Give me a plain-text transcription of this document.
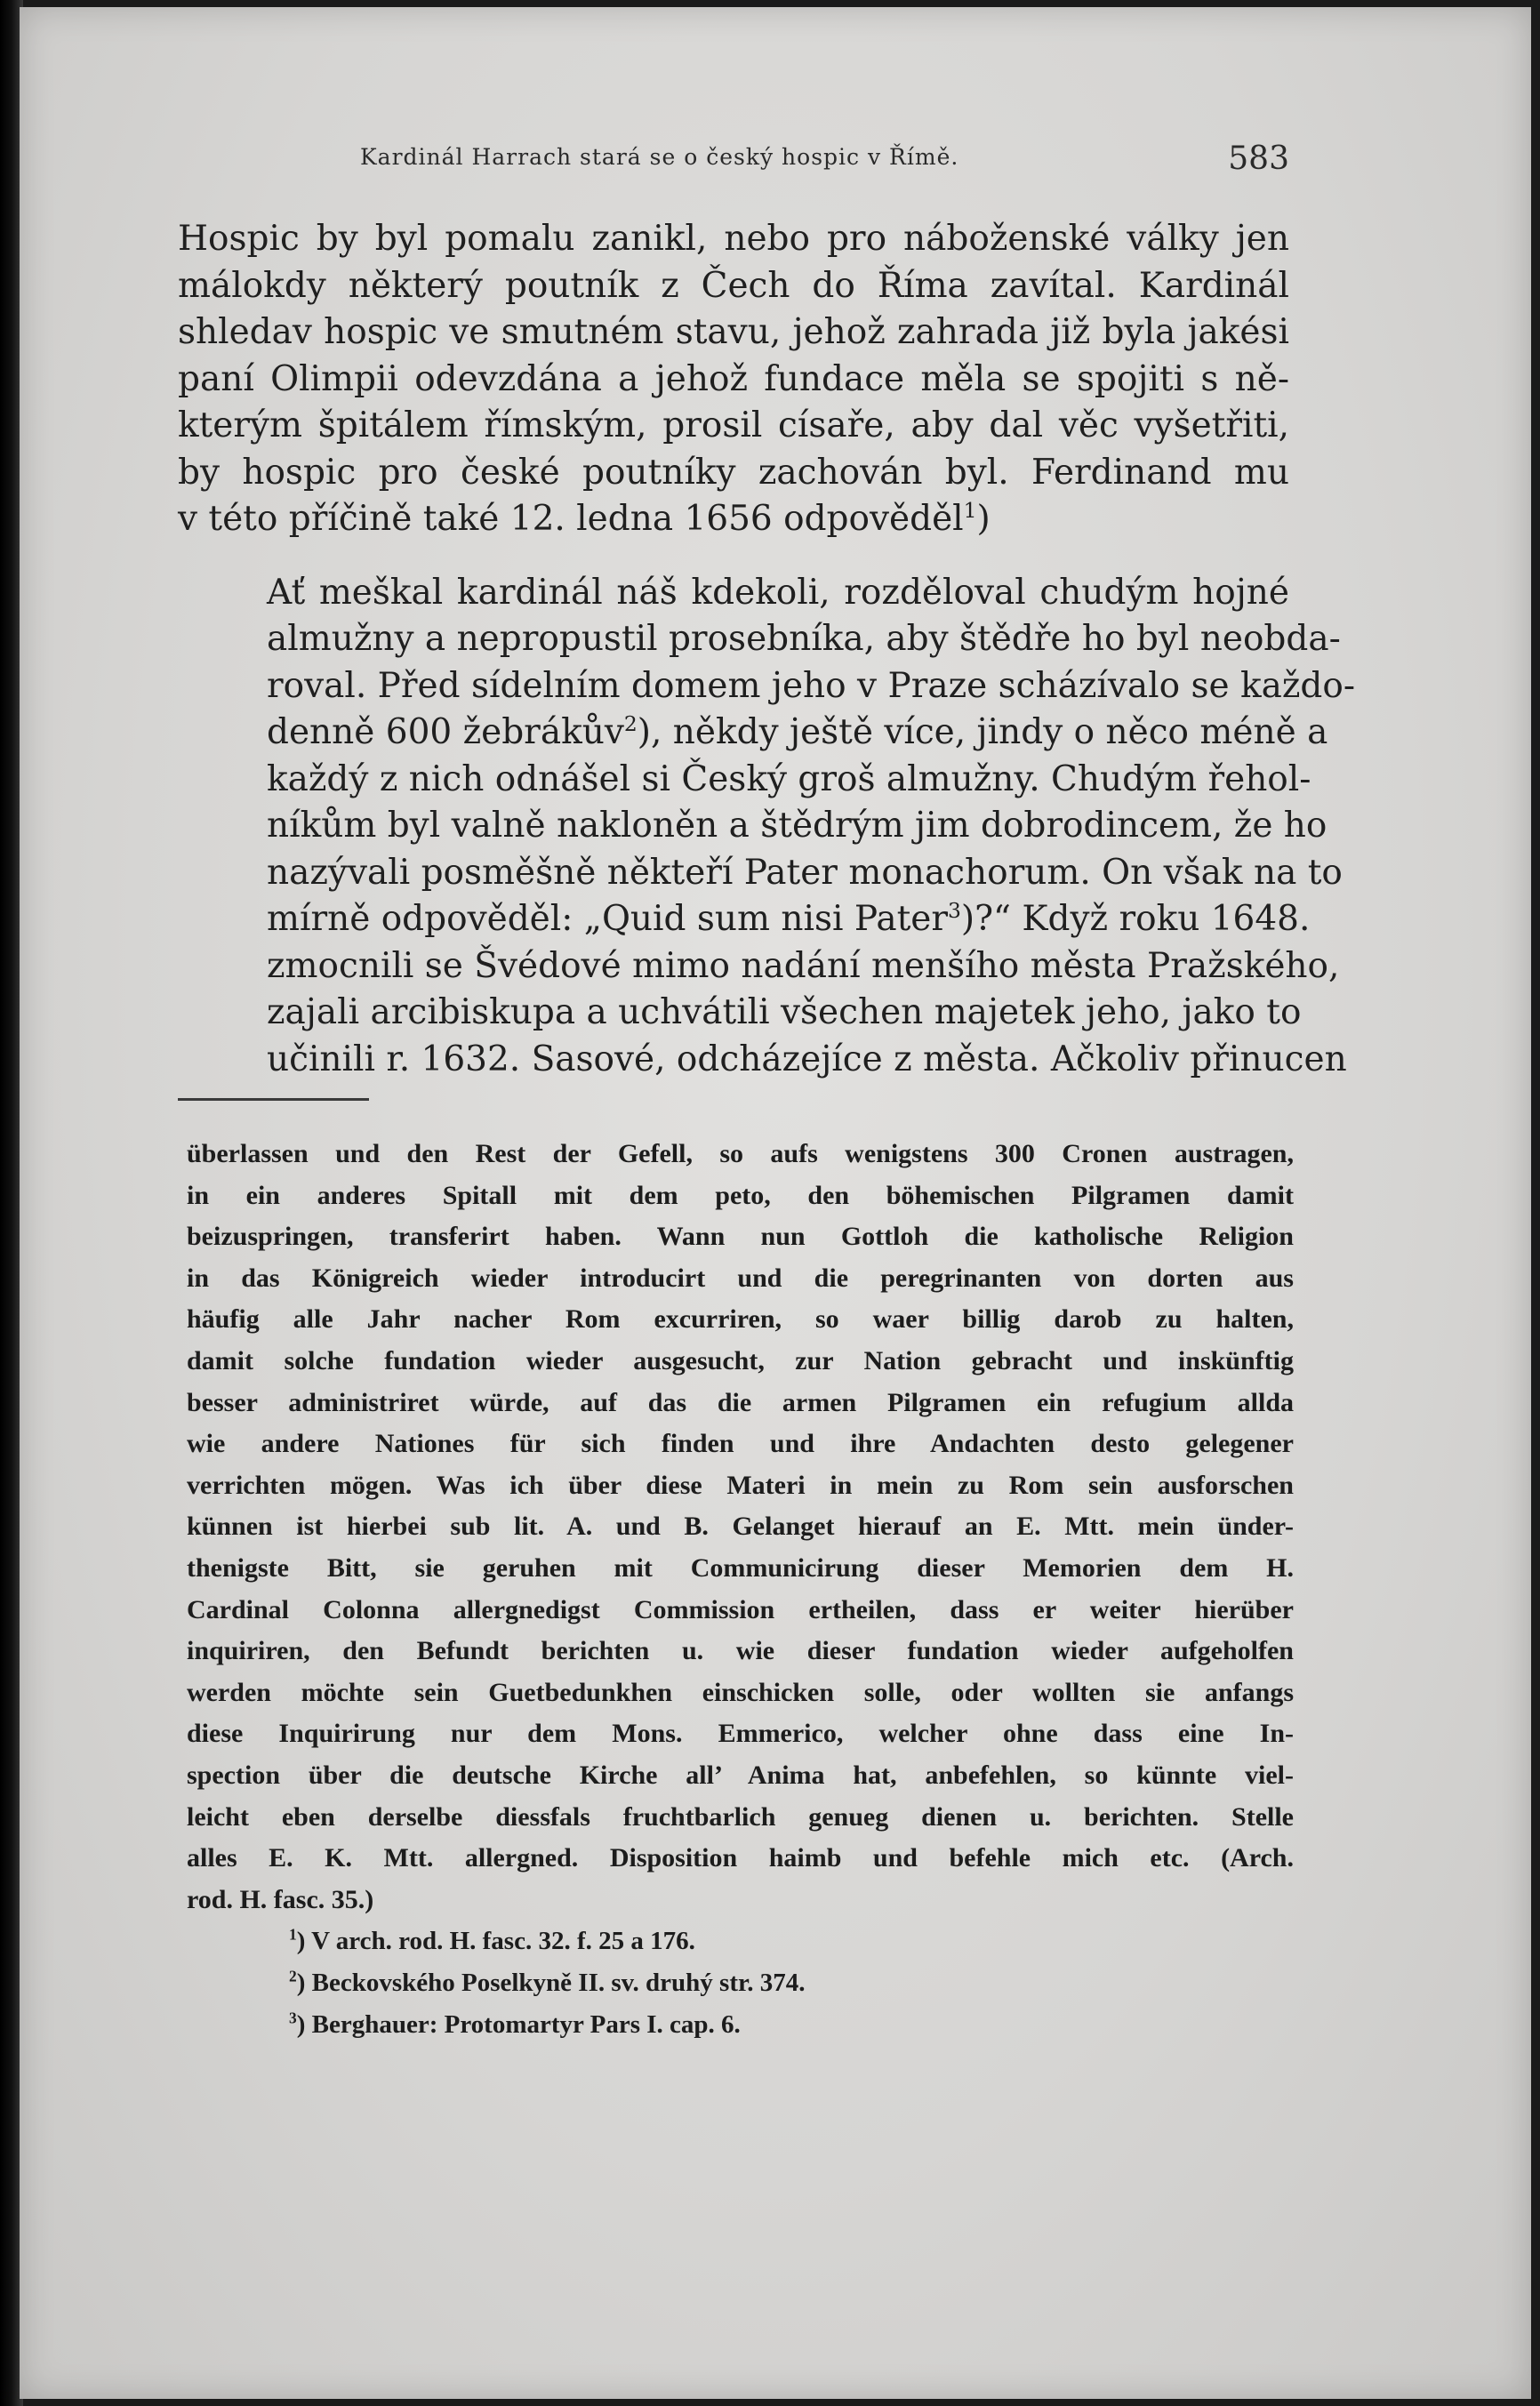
Kardinál Harrach stará se o český hospic v Římě.	583

Hospic by byl pomalu zanikl, nebo pro náboženské války jen
málokdy některý poutník z Čech do Říma zavítal. Kardinál
shledav hospic ve smutném stavu, jehož zahrada již byla jakési
paní Olimpii odevzdána a jehož fundace měla se spojiti s ně-
kterým špitálem římským, prosil císaře, aby dal věc vyšetřiti,
by hospic pro české poutníky zachován byl. Ferdinand mu
v této příčině také 12. ledna 1656 odpověděl$^1$)

Ať meškal kardinál náš kdekoli, rozděloval chudým hojné
almužny a nepropustil prosebníka, aby štědře ho byl neobda-
roval. Před sídelním domem jeho v Praze scházívalo se každo-
denně 600 žebrákův$^2$), někdy ještě více, jindy o něco méně a
každý z nich odnášel si Český groš almužny. Chudým řehol-
níkům byl valně nakloněn a štědrým jim dobrodincem, že ho
nazývali posměšně někteří Pater monachorum. On však na to
mírně odpověděl: „Quid sum nisi Pater$^3$)?“ Když roku 1648.
zmocnili se Švédové mimo nadání menšího města Pražského,
zajali arcibiskupa a uchvátili všechen majetek jeho, jako to
učinili r. 1632. Sasové, odcházejíce z města. Ačkoliv přinucen

überlassen und den Rest der Gefell, so aufs wenigstens 300 Cronen austragen,
in ein anderes Spitall mit dem peto, den böhemischen Pilgramen damit
beizuspringen, transferirt haben. Wann nun Gottloh die katholische Religion
in das Königreich wieder introducirt und die peregrinanten von dorten aus
häufig alle Jahr nacher Rom excurriren, so waer billig darob zu halten,
damit solche fundation wieder ausgesucht, zur Nation gebracht und inskünftig
besser administriret würde, auf das die armen Pilgramen ein refugium allda
wie andere Nationes für sich finden und ihre Andachten desto gelegener
verrichten mögen. Was ich über diese Materi in mein zu Rom sein ausforschen
künnen ist hierbei sub lit. A. und B. Gelanget hierauf an E. Mtt. mein ünder-
thenigste Bitt, sie geruhen mit Communicirung dieser Memorien dem H.
Cardinal Colonna allergnedigst Commission ertheilen, dass er weiter hierüber
inquiriren, den Befundt berichten u. wie dieser fundation wieder aufgeholfen
werden möchte sein Guetbedunkhen einschicken solle, oder wollten sie anfangs
diese Inquirirung nur dem Mons. Emmerico, welcher ohne dass eine In-
spection über die deutsche Kirche all’ Anima hat, anbefehlen, so künnte viel-
leicht eben derselbe diessfals fruchtbarlich genueg dienen u. berichten. Stelle
alles E. K. Mtt. allergned. Disposition haimb und befehle mich etc. (Arch.
rod. H. fasc. 35.)
$^1$) V arch. rod. H. fasc. 32. f. 25 a 176.
$^2$) Beckovského Poselkyně II. sv. druhý str. 374.
$^3$) Berghauer: Protomartyr Pars I. cap. 6.
